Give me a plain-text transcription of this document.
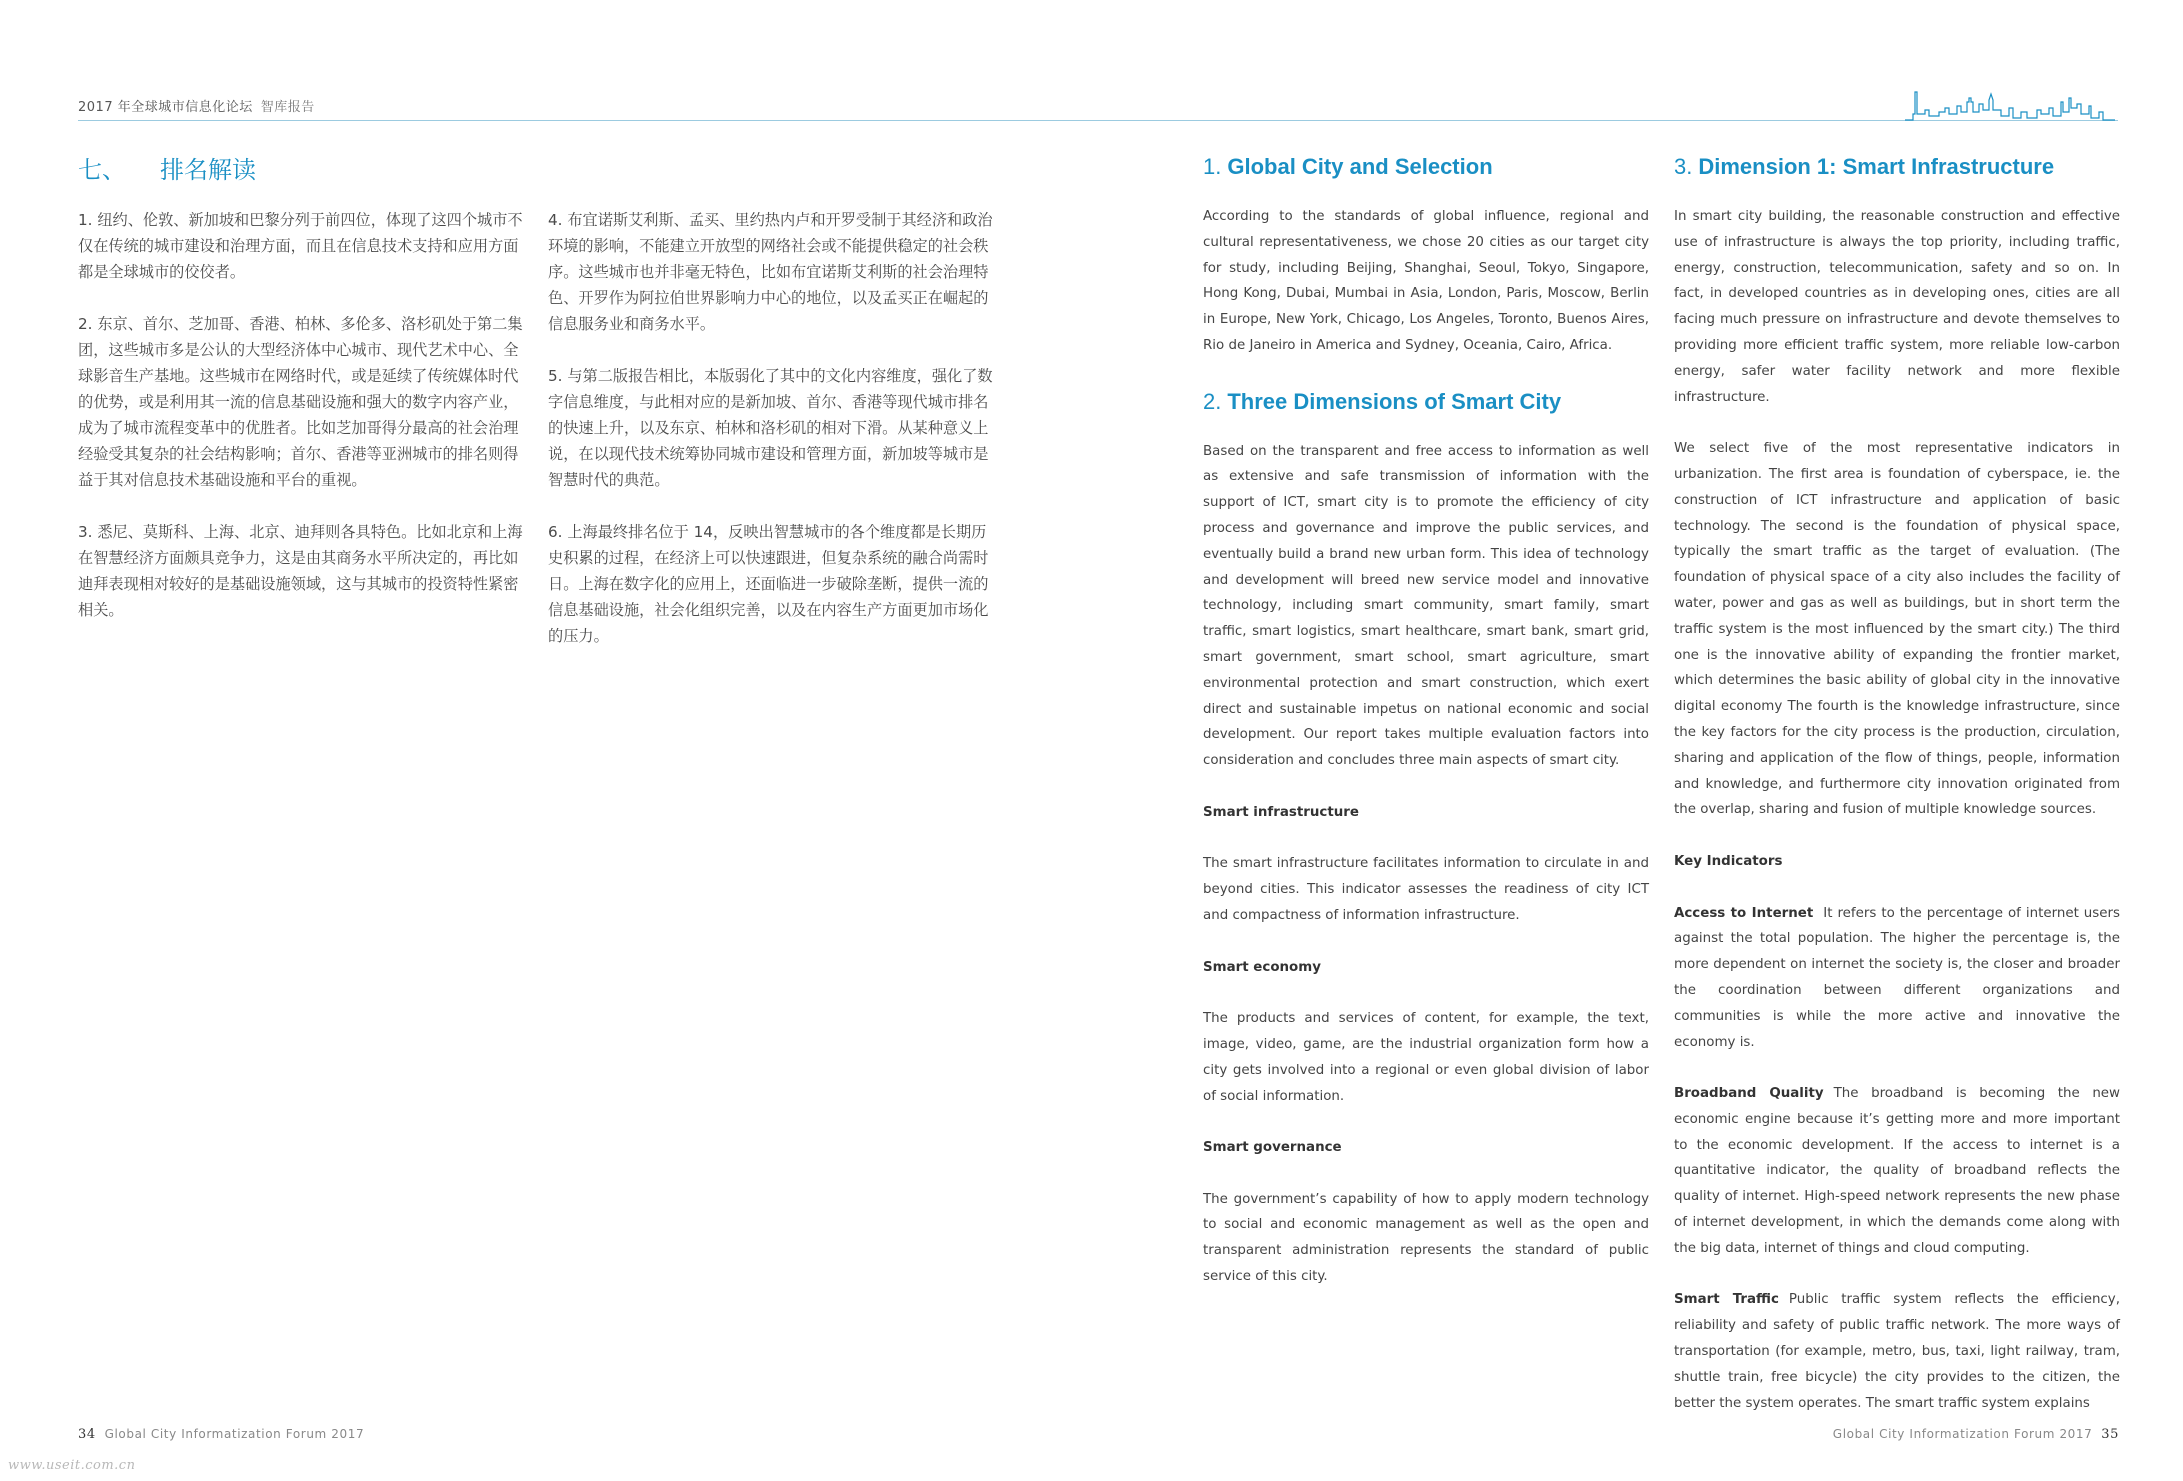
2017 年全球城市信息化论坛 智库报告
七、 排名解读

1. 纽约、伦敦、新加坡和巴黎分列于前四位，体现了这四个城市不仅在传统的城市建设和治理方面，而且在信息技术支持和应用方面都是全球城市的佼佼者。

2. 东京、首尔、芝加哥、香港、柏林、多伦多、洛杉矶处于第二集团，这些城市多是公认的大型经济体中心城市、现代艺术中心、全球影音生产基地。这些城市在网络时代，或是延续了传统媒体时代的优势，或是利用其一流的信息基础设施和强大的数字内容产业，成为了城市流程变革中的优胜者。比如芝加哥得分最高的社会治理经验受其复杂的社会结构影响；首尔、香港等亚洲城市的排名则得益于其对信息技术基础设施和平台的重视。

3. 悉尼、莫斯科、上海、北京、迪拜则各具特色。比如北京和上海在智慧经济方面颇具竞争力，这是由其商务水平所决定的，再比如迪拜表现相对较好的是基础设施领域，这与其城市的投资特性紧密相关。

4. 布宜诺斯艾利斯、孟买、里约热内卢和开罗受制于其经济和政治环境的影响，不能建立开放型的网络社会或不能提供稳定的社会秩序。这些城市也并非毫无特色，比如布宜诺斯艾利斯的社会治理特色、开罗作为阿拉伯世界影响力中心的地位，以及孟买正在崛起的信息服务业和商务水平。

5. 与第二版报告相比，本版弱化了其中的文化内容维度，强化了数字信息维度，与此相对应的是新加坡、首尔、香港等现代城市排名的快速上升，以及东京、柏林和洛杉矶的相对下滑。从某种意义上说，在以现代技术统筹协同城市建设和管理方面，新加坡等城市是智慧时代的典范。

6. 上海最终排名位于 14，反映出智慧城市的各个维度都是长期历史积累的过程，在经济上可以快速跟进，但复杂系统的融合尚需时日。上海在数字化的应用上，还面临进一步破除垄断，提供一流的信息基础设施，社会化组织完善，以及在内容生产方面更加市场化的压力。

1. Global City and Selection

According to the standards of global influence, regional and cultural representativeness, we chose 20 cities as our target city for study, including Beijing, Shanghai, Seoul, Tokyo, Singapore, Hong Kong, Dubai, Mumbai in Asia, London, Paris, Moscow, Berlin in Europe, New York, Chicago, Los Angeles, Toronto, Buenos Aires, Rio de Janeiro in America and Sydney, Oceania, Cairo, Africa.

2. Three Dimensions of Smart City

Based on the transparent and free access to information as well as extensive and safe transmission of information with the support of ICT, smart city is to promote the efficiency of city process and governance and improve the public services, and eventually build a brand new urban form. This idea of technology and development will breed new service model and innovative technology, including smart community, smart family, smart traffic, smart logistics, smart healthcare, smart bank, smart grid, smart government, smart school, smart agriculture, smart environmental protection and smart construction, which exert direct and sustainable impetus on national economic and social development. Our report takes multiple evaluation factors into consideration and concludes three main aspects of smart city.

Smart infrastructure

The smart infrastructure facilitates information to circulate in and beyond cities. This indicator assesses the readiness of city ICT and compactness of information infrastructure.

Smart economy

The products and services of content, for example, the text, image, video, game, are the industrial organization form how a city gets involved into a regional or even global division of labor of social information.

Smart governance

The government’s capability of how to apply modern technology to social and economic management as well as the open and transparent administration represents the standard of public service of this city.

3. Dimension 1: Smart Infrastructure

In smart city building, the reasonable construction and effective use of infrastructure is always the top priority, including traffic, energy, construction, telecommunication, safety and so on. In fact, in developed countries as in developing ones, cities are all facing much pressure on infrastructure and devote themselves to providing more efficient traffic system, more reliable low-carbon energy, safer water facility network and more flexible infrastructure.

We select five of the most representative indicators in urbanization. The first area is foundation of cyberspace, ie. the construction of ICT infrastructure and application of basic technology. The second is the foundation of physical space, typically the smart traffic as the target of evaluation. (The foundation of physical space of a city also includes the facility of water, power and gas as well as buildings, but in short term the traffic system is the most influenced by the smart city.) The third one is the innovative ability of expanding the frontier market, which determines the basic ability of global city in the innovative digital economy The fourth is the knowledge infrastructure, since the key factors for the city process is the production, circulation, sharing and application of the flow of things, people, information and knowledge, and furthermore city innovation originated from the overlap, sharing and fusion of multiple knowledge sources.

Key Indicators

Access to Internet It refers to the percentage of internet users against the total population. The higher the percentage is, the more dependent on internet the society is, the closer and broader the coordination between different organizations and communities is while the more active and innovative the economy is.

Broadband Quality The broadband is becoming the new economic engine because it’s getting more and more important to the economic development. If the access to internet is a quantitative indicator, the quality of broadband reflects the quality of internet. High-speed network represents the new phase of internet development, in which the demands come along with the big data, internet of things and cloud computing.

Smart Traffic Public traffic system reflects the efficiency, reliability and safety of public traffic network. The more ways of transportation (for example, metro, bus, taxi, light railway, tram, shuttle train, free bicycle) the city provides to the citizen, the better the system operates. The smart traffic system explains

34 Global City Informatization Forum 2017	Global City Informatization Forum 2017 35
www.useit.com.cn
